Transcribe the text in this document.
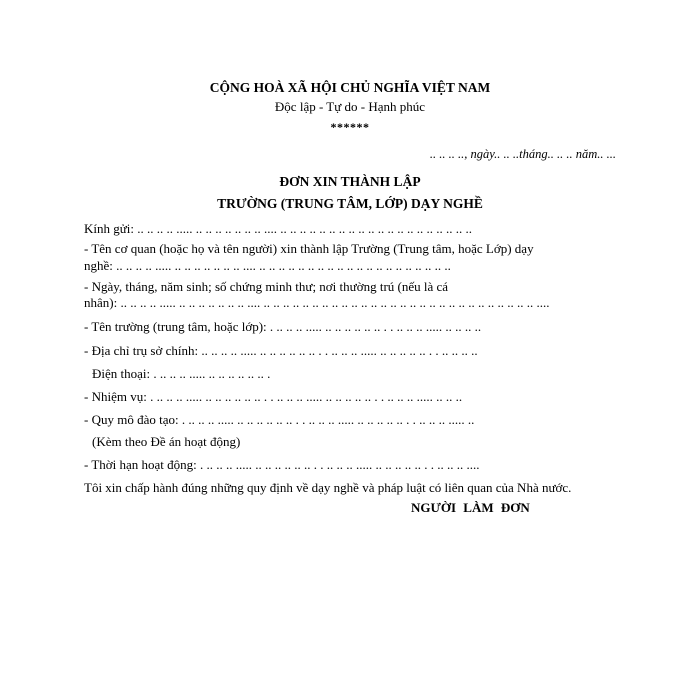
CỘNG HOÀ XÃ HỘI CHỦ NGHĨA VIỆT NAM
Độc lập - Tự do - Hạnh phúc
******
.. .. .. .., ngày.. .. ..tháng.. .. .. năm.. ...
ĐƠN XIN THÀNH LẬP
TRƯỜNG (TRUNG TÂM, LỚP) DẠY NGHỀ
Kính gửi: .. .. .. .. ..... .. .. .. .. .. .. .. .... .. .. .. .. .. .. .. .. .. .. .. .. .. .. .. .. .. .. .. ..
- Tên cơ quan (hoặc họ và tên người) xin thành lập Trường (Trung tâm, hoặc Lớp) dạy
nghề: .. .. .. .. ..... .. .. .. .. .. .. .. .... .. .. .. .. .. .. .. .. .. .. .. .. .. .. .. .. .. .. .. ..
- Ngày, tháng, năm sinh; số chứng minh thư; nơi thường trú (nếu là cá
nhân): .. .. .. .. ..... .. .. .. .. .. .. .. .... .. .. .. .. .. .. .. .. .. .. .. .. .. .. .. .. .. .. .. .. .. .. .. .. .. .. .. .. ....
- Tên trường (trung tâm, hoặc lớp): . .. .. .. ..... .. .. .. .. .. .. . . .. .. .. ..... .. .. .. ..
- Địa chỉ trụ sở chính: .. .. .. .. ..... .. .. .. .. .. .. . . .. .. .. ..... .. .. .. .. .. . . .. .. .. ..
Điện thoại: . .. .. .. ..... .. .. .. .. .. .. .
- Nhiệm vụ: . .. .. .. ..... .. .. .. .. .. .. . . .. .. .. ..... .. .. .. .. .. . . .. .. .. ..... .. .. ..
- Quy mô đào tạo: . .. .. .. ..... .. .. .. .. .. .. . . .. .. .. ..... .. .. .. .. .. . . .. .. .. ..... ..
(Kèm theo Đề án hoạt động)
- Thời hạn hoạt động: . .. .. .. ..... .. .. .. .. .. .. . . .. .. .. ..... .. .. .. .. .. . . .. .. .. ....
Tôi xin chấp hành đúng những quy định về dạy nghề và pháp luật có liên quan của Nhà nước.
NGƯỜI LÀM ĐƠN
